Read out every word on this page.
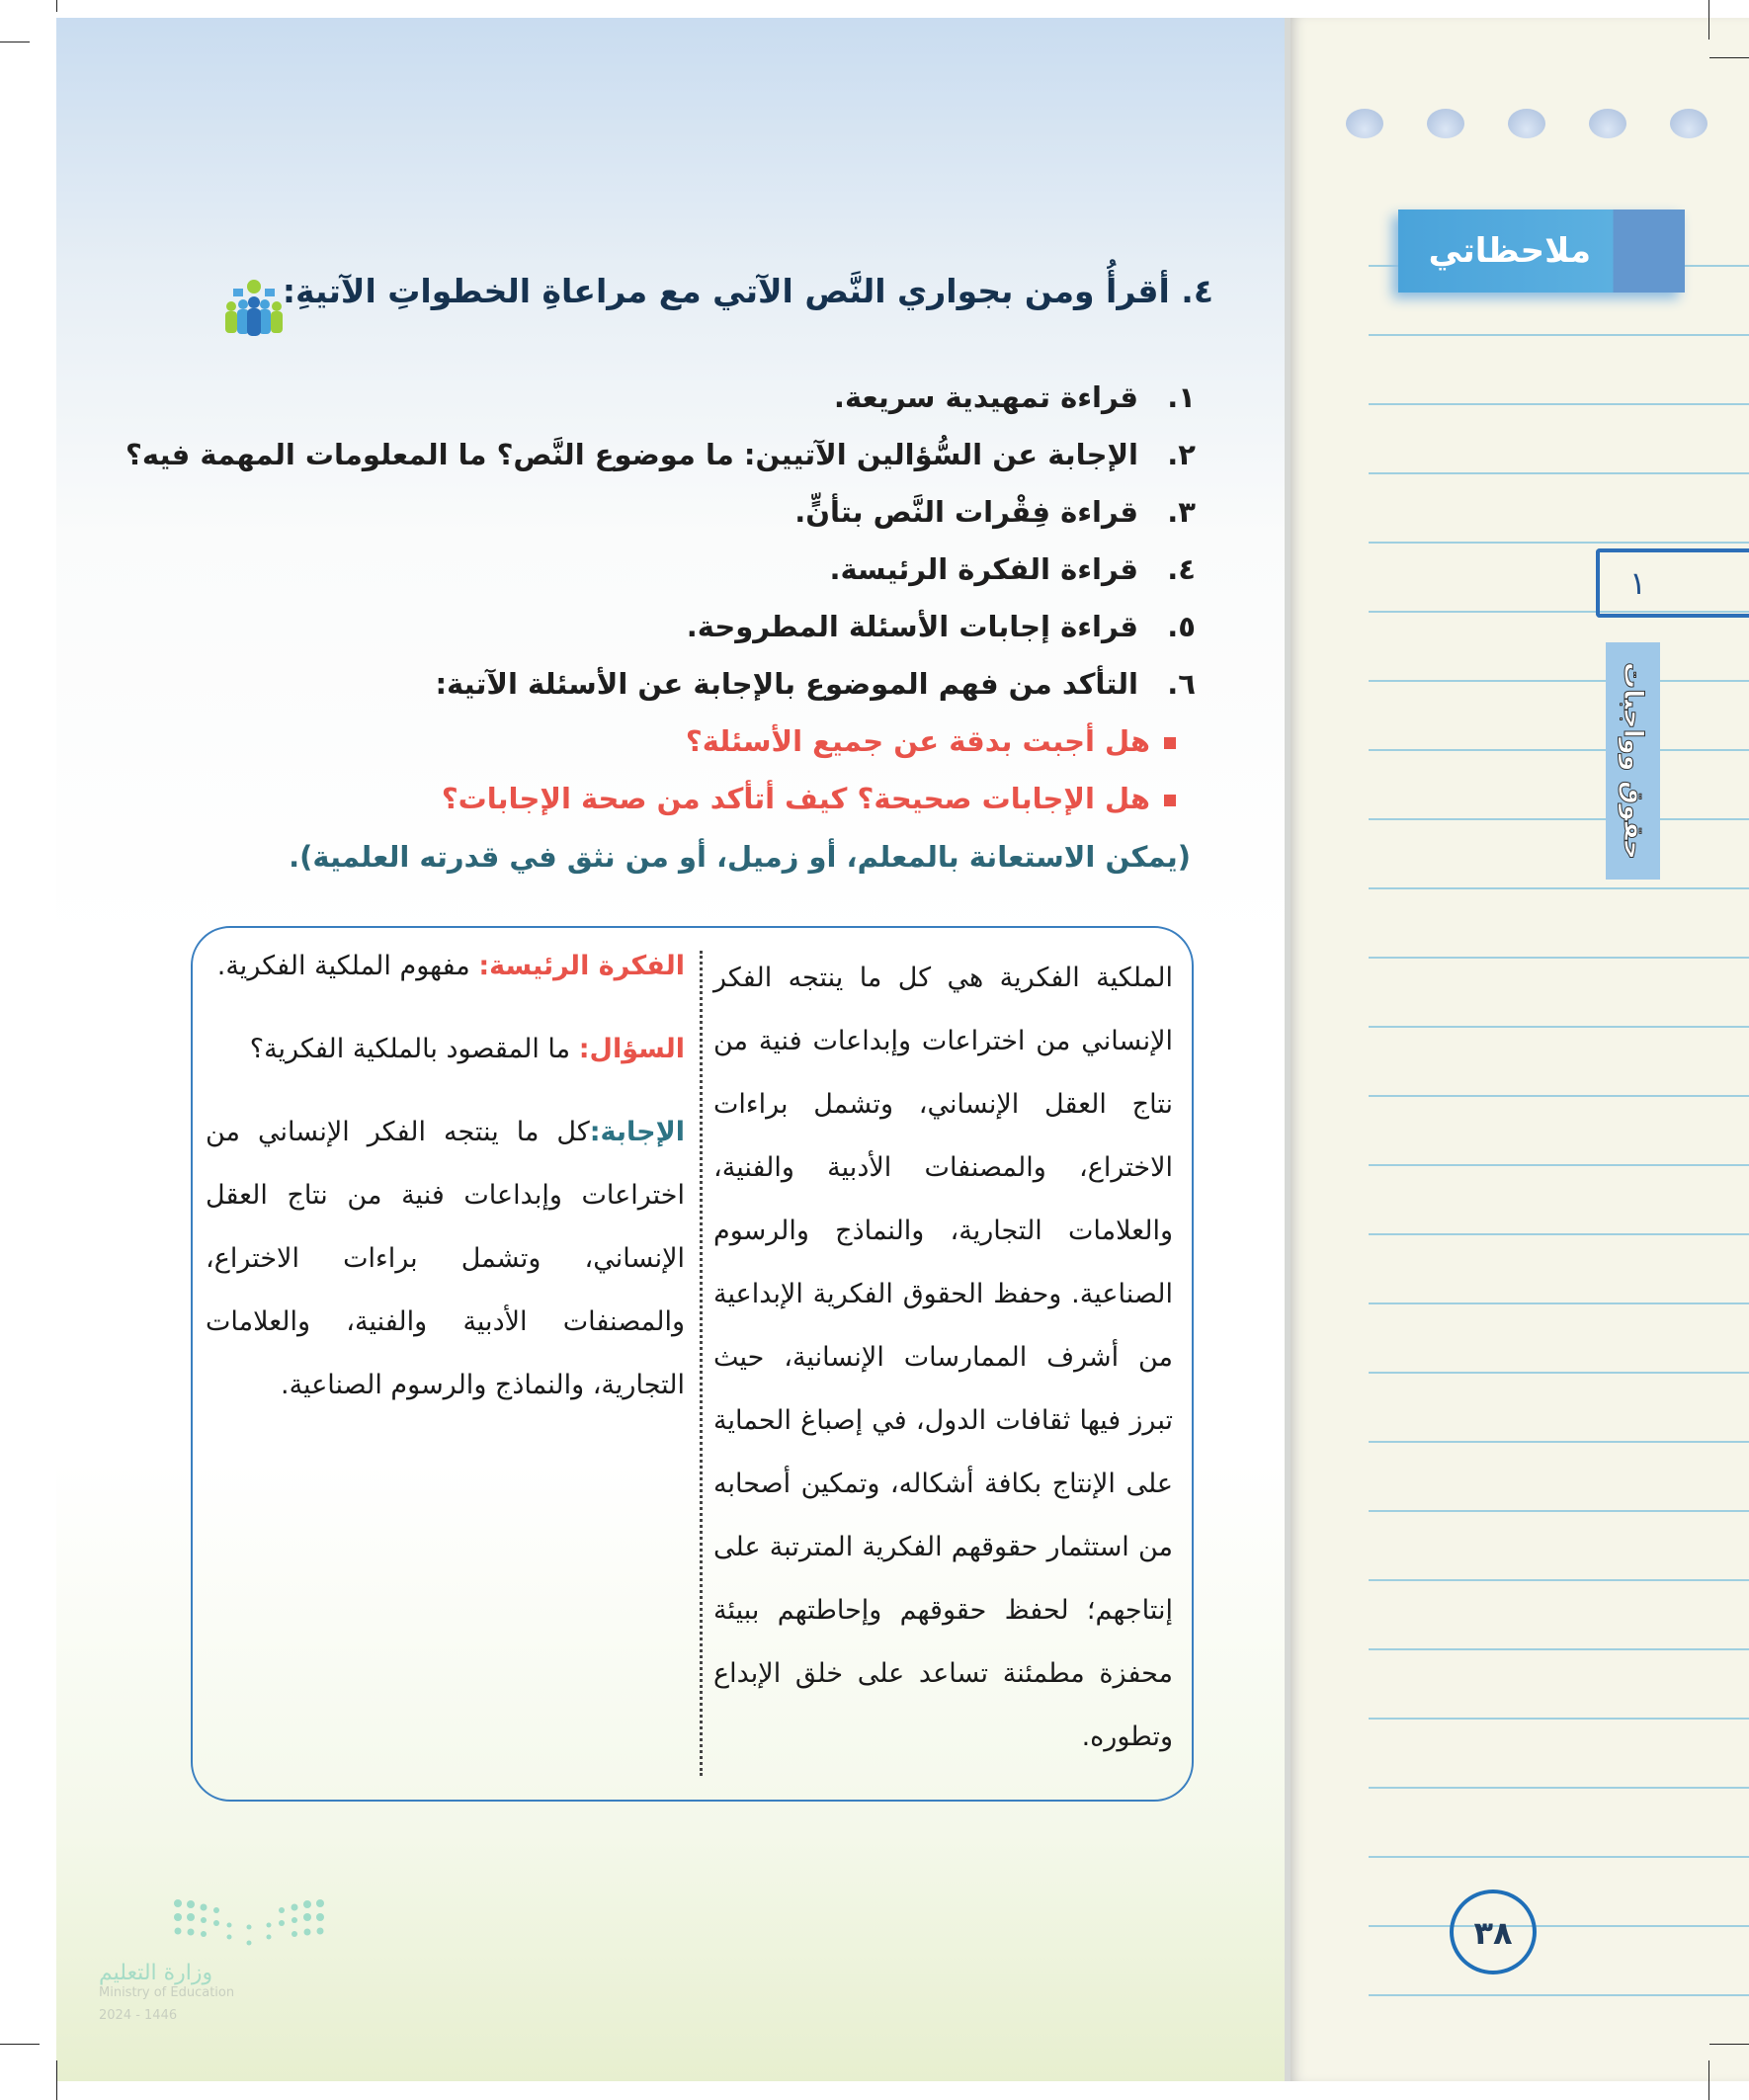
ملاحظاتي
١
حقوق وواجبات
٤. أقرأُ ومن بجواري النَّص الآتي مع مراعاةِ الخطواتِ الآتيةِ:
١.قراءة تمهيدية سريعة.
٢.الإجابة عن السُّؤالين الآتيين: ما موضوع النَّص؟ ما المعلومات المهمة فيه؟
٣.قراءة فِقْرات النَّص بتأنٍّ.
٤.قراءة الفكرة الرئيسة.
٥.قراءة إجابات الأسئلة المطروحة.
٦.التأكد من فهم الموضوع بالإجابة عن الأسئلة الآتية:
هل أجبت بدقة عن جميع الأسئلة؟
هل الإجابات صحيحة؟ كيف أتأكد من صحة الإجابات؟
(يمكن الاستعانة بالمعلم، أو زميل، أو من نثق في قدرته العلمية).
الملكية الفكرية هي كل ما ينتجه الفكر الإنساني من اختراعات وإبداعات فنية من نتاج العقل الإنساني، وتشمل براءات الاختراع، والمصنفات الأدبية والفنية، والعلامات التجارية، والنماذج والرسوم الصناعية. وحفظ الحقوق الفكرية الإبداعية من أشرف الممارسات الإنسانية، حيث تبرز فيها ثقافات الدول، في إصباغ الحماية على الإنتاج بكافة أشكاله، وتمكين أصحابه من استثمار حقوقهم الفكرية المترتبة على إنتاجهم؛ لحفظ حقوقهم وإحاطتهم ببيئة محفزة مطمئنة تساعد على خلق الإبداع وتطوره.

الفكرة الرئيسة: مفهوم الملكية الفكرية.

السؤال: ما المقصود بالملكية الفكرية؟

الإجابة:كل ما ينتجه الفكر الإنساني من اختراعات وإبداعات فنية من نتاج العقل الإنساني، وتشمل براءات الاختراع، والمصنفات الأدبية والفنية، والعلامات التجارية، والنماذج والرسوم الصناعية.

٣٨
وزارة التعليم
Ministry of Education
2024 - 1446
